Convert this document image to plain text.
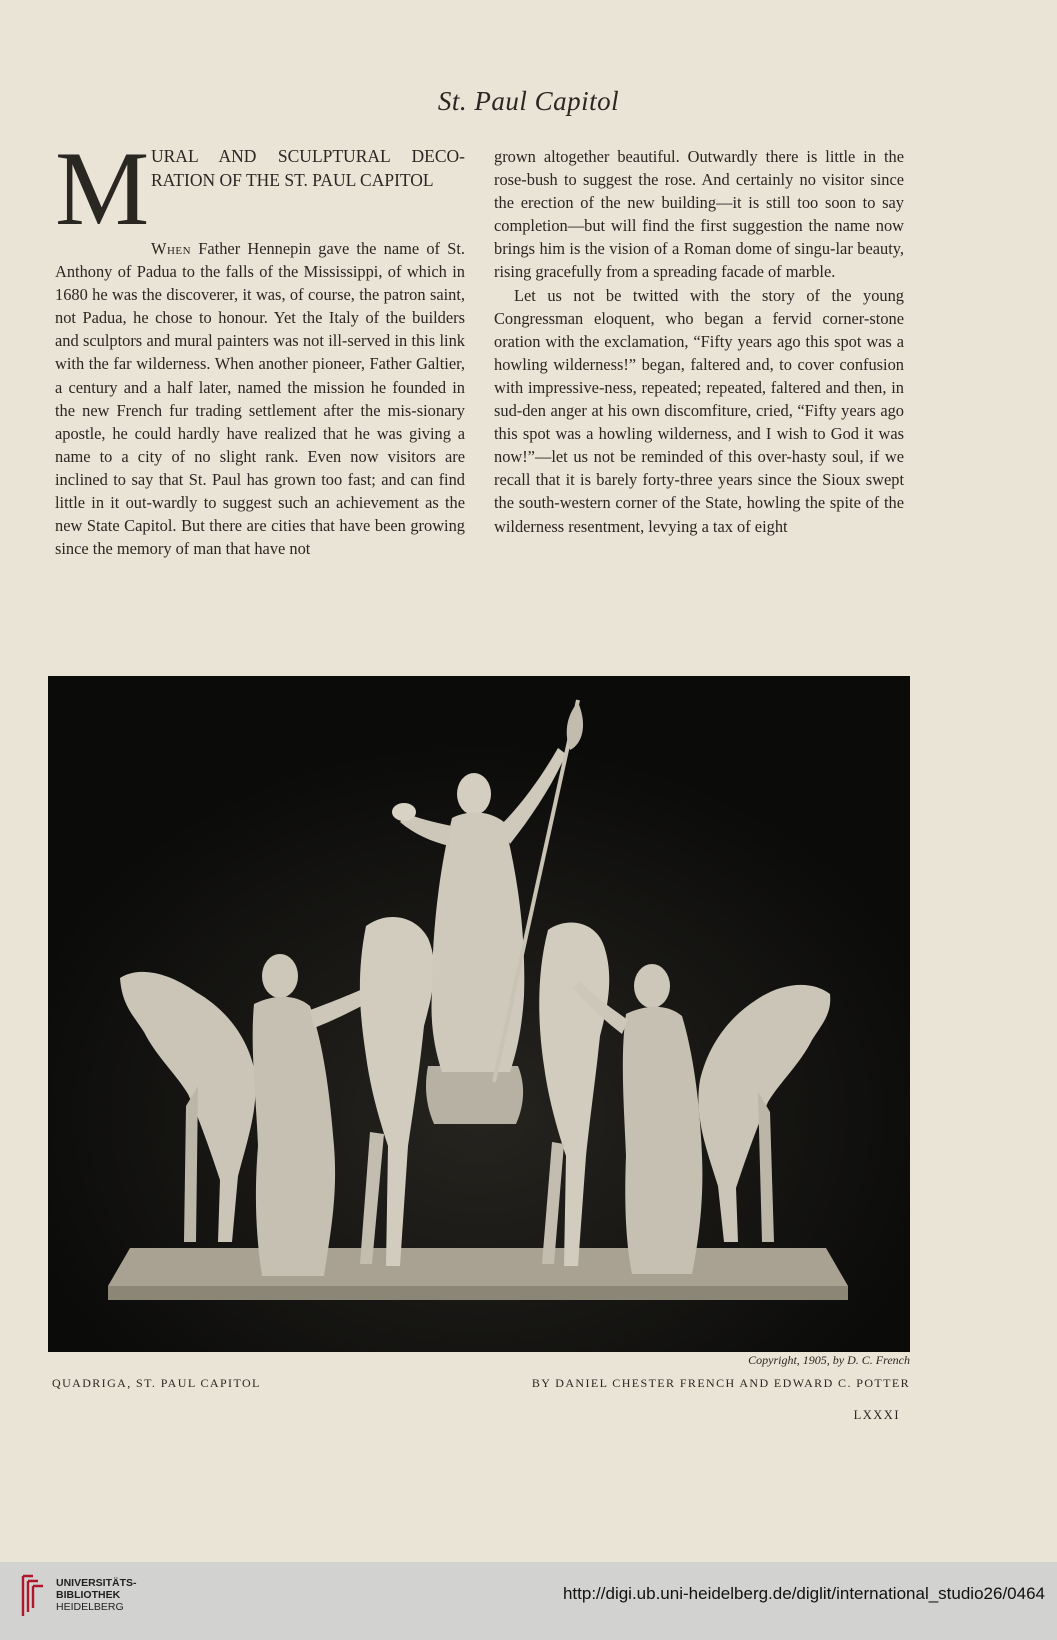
St. Paul Capitol
M URAL AND SCULPTURAL DECO-RATION OF THE ST. PAUL CAPITOL

When Father Hennepin gave the name of St. Anthony of Padua to the falls of the Mississippi, of which in 1680 he was the discoverer, it was, of course, the patron saint, not Padua, he chose to honour. Yet the Italy of the builders and sculptors and mural painters was not ill-served in this link with the far wilderness. When another pioneer, Father Galtier, a century and a half later, named the mission he founded in the new French fur trading settlement after the mis-sionary apostle, he could hardly have realized that he was giving a name to a city of no slight rank. Even now visitors are inclined to say that St. Paul has grown too fast; and can find little in it out-wardly to suggest such an achievement as the new State Capitol. But there are cities that have been growing since the memory of man that have not

grown altogether beautiful. Outwardly there is little in the rose-bush to suggest the rose. And certainly no visitor since the erection of the new building—it is still too soon to say completion—but will find the first suggestion the name now brings him is the vision of a Roman dome of singu-lar beauty, rising gracefully from a spreading facade of marble.

Let us not be twitted with the story of the young Congressman eloquent, who began a fervid corner-stone oration with the exclamation, “Fifty years ago this spot was a howling wilderness!” began, faltered and, to cover confusion with impressive-ness, repeated; repeated, faltered and then, in sud-den anger at his own discomfiture, cried, “Fifty years ago this spot was a howling wilderness, and I wish to God it was now!”—let us not be reminded of this over-hasty soul, if we recall that it is barely forty-three years since the Sioux swept the south-western corner of the State, howling the spite of the wilderness resentment, levying a tax of eight

Copyright, 1905, by D. C. French
QUADRIGA, ST. PAUL CAPITOL	BY DANIEL CHESTER FRENCH AND EDWARD C. POTTER
LXXXI
UNIVERSITÄTS-
BIBLIOTHEK
HEIDELBERG
http://digi.ub.uni-heidelberg.de/diglit/international_studio26/0464
